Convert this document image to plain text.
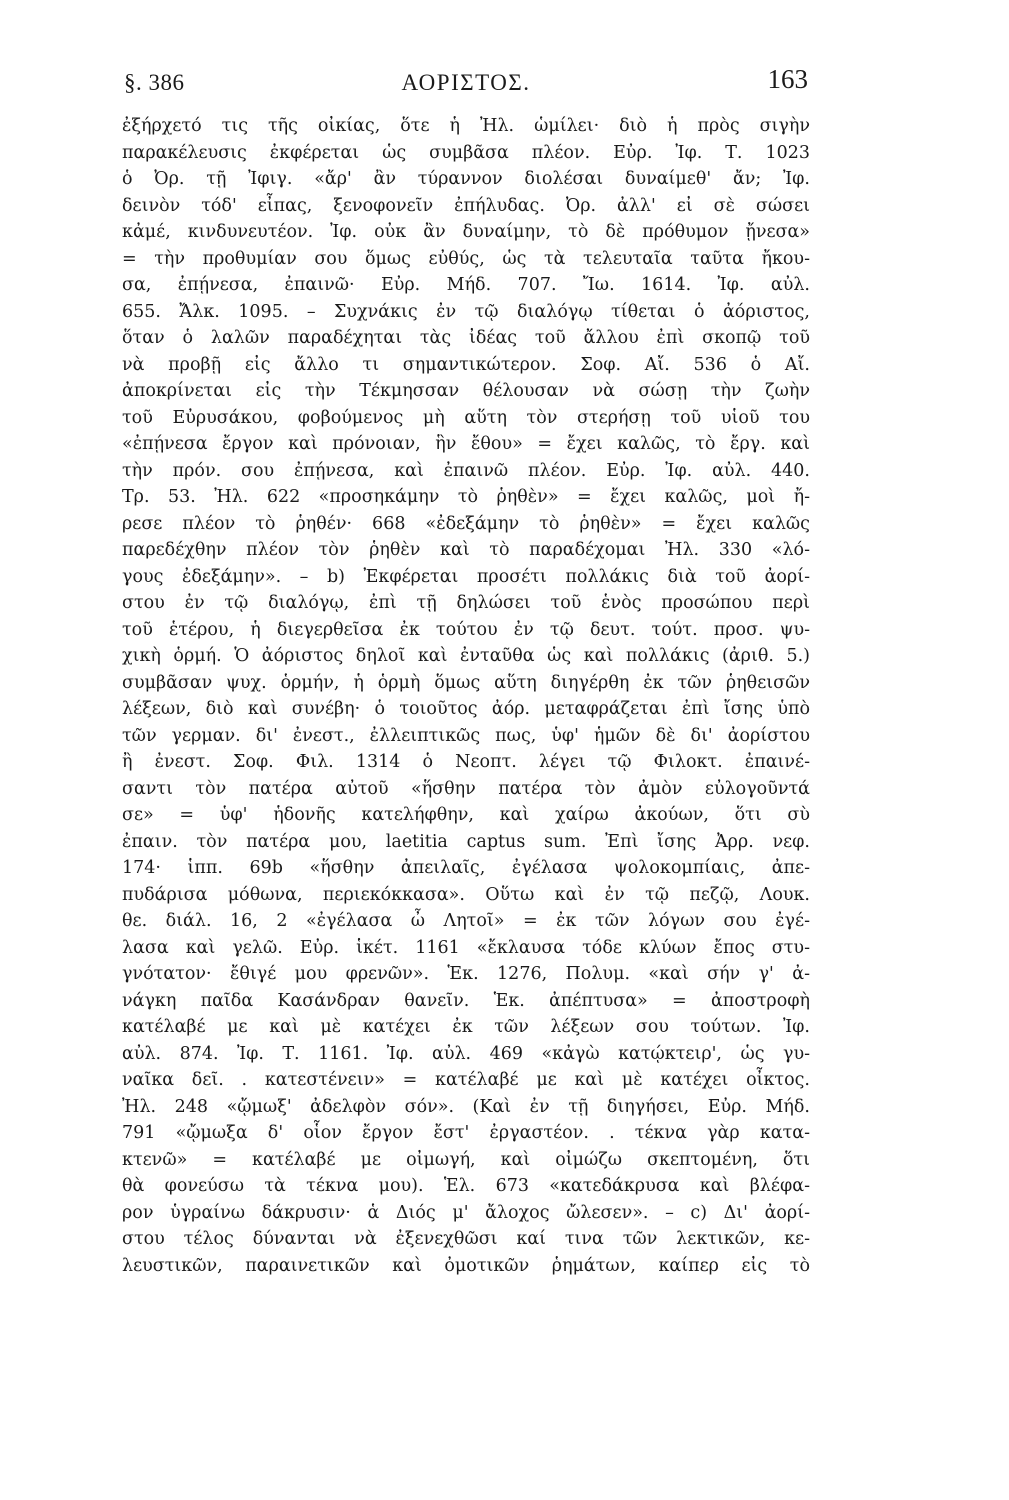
§. 386	ΑΟΡΙΣΤΟΣ.	163
ἐξήρχετό τις τῆς οἰκίας, ὅτε ἡ Ἠλ. ὡμίλει· διὸ ἡ πρὸς σιγὴν
παρακέλευσις ἐκφέρεται ὡς συμβᾶσα πλέον. Εὐρ. Ἰφ. Τ. 1023
ὁ Ὀρ. τῇ Ἰφιγ. «ἄρ' ἂν τύραννον διολέσαι δυναίμεθ' ἄν; Ἰφ.
δεινὸν τόδ' εἶπας, ξενοφονεῖν ἐπήλυδας. Ὀρ. ἀλλ' εἰ σὲ σώσει
κἀμέ, κινδυνευτέον. Ἰφ. οὐκ ἂν δυναίμην, τὸ δὲ πρόθυμον ᾔνεσα»
= τὴν προθυμίαν σου ὅμως εὐθύς, ὡς τὰ τελευταῖα ταῦτα ἤκου-
σα, ἐπῄνεσα, ἐπαινῶ· Εὐρ. Μήδ. 707. Ἴω. 1614. Ἰφ. αὐλ.
655. Ἄλκ. 1095. – Συχνάκις ἐν τῷ διαλόγῳ τίθεται ὁ ἀόριστος,
ὅταν ὁ λαλῶν παραδέχηται τὰς ἰδέας τοῦ ἄλλου ἐπὶ σκοπῷ τοῦ
νὰ προβῇ εἰς ἄλλο τι σημαντικώτερον. Σοφ. Αἴ. 536 ὁ Αἴ.
ἀποκρίνεται εἰς τὴν Τέκμησσαν θέλουσαν νὰ σώσῃ τὴν ζωὴν
τοῦ Εὐρυσάκου, φοβούμενος μὴ αὕτη τὸν στερήσῃ τοῦ υἱοῦ του
«ἐπῄνεσα ἔργον καὶ πρόνοιαν, ἣν ἔθου» = ἔχει καλῶς, τὸ ἔργ. καὶ
τὴν πρόν. σου ἐπῄνεσα, καὶ ἐπαινῶ πλέον. Εὐρ. Ἰφ. αὐλ. 440.
Τρ. 53. Ἠλ. 622 «προσηκάμην τὸ ῥηθὲν» = ἔχει καλῶς, μοὶ ἤ-
ρεσε πλέον τὸ ῥηθέν· 668 «ἐδεξάμην τὸ ῥηθὲν» = ἔχει καλῶς
παρεδέχθην πλέον τὸν ῥηθὲν καὶ τὸ παραδέχομαι Ἠλ. 330 «λό-
γους ἐδεξάμην». – b) Ἐκφέρεται προσέτι πολλάκις διὰ τοῦ ἀορί-
στου ἐν τῷ διαλόγῳ, ἐπὶ τῇ δηλώσει τοῦ ἑνὸς προσώπου περὶ
τοῦ ἑτέρου, ἡ διεγερθεῖσα ἐκ τούτου ἐν τῷ δευτ. τούτ. προσ. ψυ-
χικὴ ὁρμή. Ὁ ἀόριστος δηλοῖ καὶ ἐνταῦθα ὡς καὶ πολλάκις (ἀριθ. 5.)
συμβᾶσαν ψυχ. ὁρμήν, ἡ ὁρμὴ ὅμως αὕτη διηγέρθη ἐκ τῶν ῥηθεισῶν
λέξεων, διὸ καὶ συνέβη· ὁ τοιοῦτος ἀόρ. μεταφράζεται ἐπὶ ἴσης ὑπὸ
τῶν γερμαν. δι' ἐνεστ., ἐλλειπτικῶς πως, ὑφ' ἡμῶν δὲ δι' ἀορίστου
ἢ ἐνεστ. Σοφ. Φιλ. 1314 ὁ Νεοπτ. λέγει τῷ Φιλοκτ. ἐπαινέ-
σαντι τὸν πατέρα αὐτοῦ «ἥσθην πατέρα τὸν ἀμὸν εὐλογοῦντά
σε» = ὑφ' ἡδονῆς κατελήφθην, καὶ χαίρω ἀκούων, ὅτι σὺ
ἐπαιν. τὸν πατέρα μου, laetitia captus sum. Ἐπὶ ἴσης Ἀρρ. νεφ.
174· ἱππ. 69b «ἥσθην ἀπειλαῖς, ἐγέλασα ψολοκομπίαις, ἀπε-
πυδάρισα μόθωνα, περιεκόκκασα». Οὕτω καὶ ἐν τῷ πεζῷ, Λουκ.
θε. διάλ. 16, 2 «ἐγέλασα ὦ Λητοῖ» = ἐκ τῶν λόγων σου ἐγέ-
λασα καὶ γελῶ. Εὐρ. ἱκέτ. 1161 «ἔκλαυσα τόδε κλύων ἔπος στυ-
γνότατον· ἔθιγέ μου φρενῶν». Ἑκ. 1276, Πολυμ. «καὶ σήν γ' ἀ-
νάγκη παῖδα Κασάνδραν θανεῖν. Ἑκ. ἀπέπτυσα» = ἀποστροφὴ
κατέλαβέ με καὶ μὲ κατέχει ἐκ τῶν λέξεων σου τούτων. Ἰφ.
αὐλ. 874. Ἰφ. Τ. 1161. Ἰφ. αὐλ. 469 «κἀγὼ κατῴκτειρ', ὡς γυ-
ναῖκα δεῖ. . κατεστένειν» = κατέλαβέ με καὶ μὲ κατέχει οἶκτος.
Ἠλ. 248 «ᾤμωξ' ἀδελφὸν σόν». (Καὶ ἐν τῇ διηγήσει, Εὐρ. Μήδ.
791 «ᾤμωξα δ' οἷον ἔργον ἔστ' ἐργαστέον. . τέκνα γὰρ κατα-
κτενῶ» = κατέλαβέ με οἰμωγή, καὶ οἰμώζω σκεπτομένη, ὅτι
θὰ φονεύσω τὰ τέκνα μου). Ἑλ. 673 «κατεδάκρυσα καὶ βλέφα-
ρον ὑγραίνω δάκρυσιν· ἁ Διός μ' ἄλοχος ὤλεσεν». – c) Δι' ἀορί-
στου τέλος δύνανται νὰ ἐξενεχθῶσι καί τινα τῶν λεκτικῶν, κε-
λευστικῶν, παραινετικῶν καὶ ὀμοτικῶν ῥημάτων, καίπερ εἰς τὸ
